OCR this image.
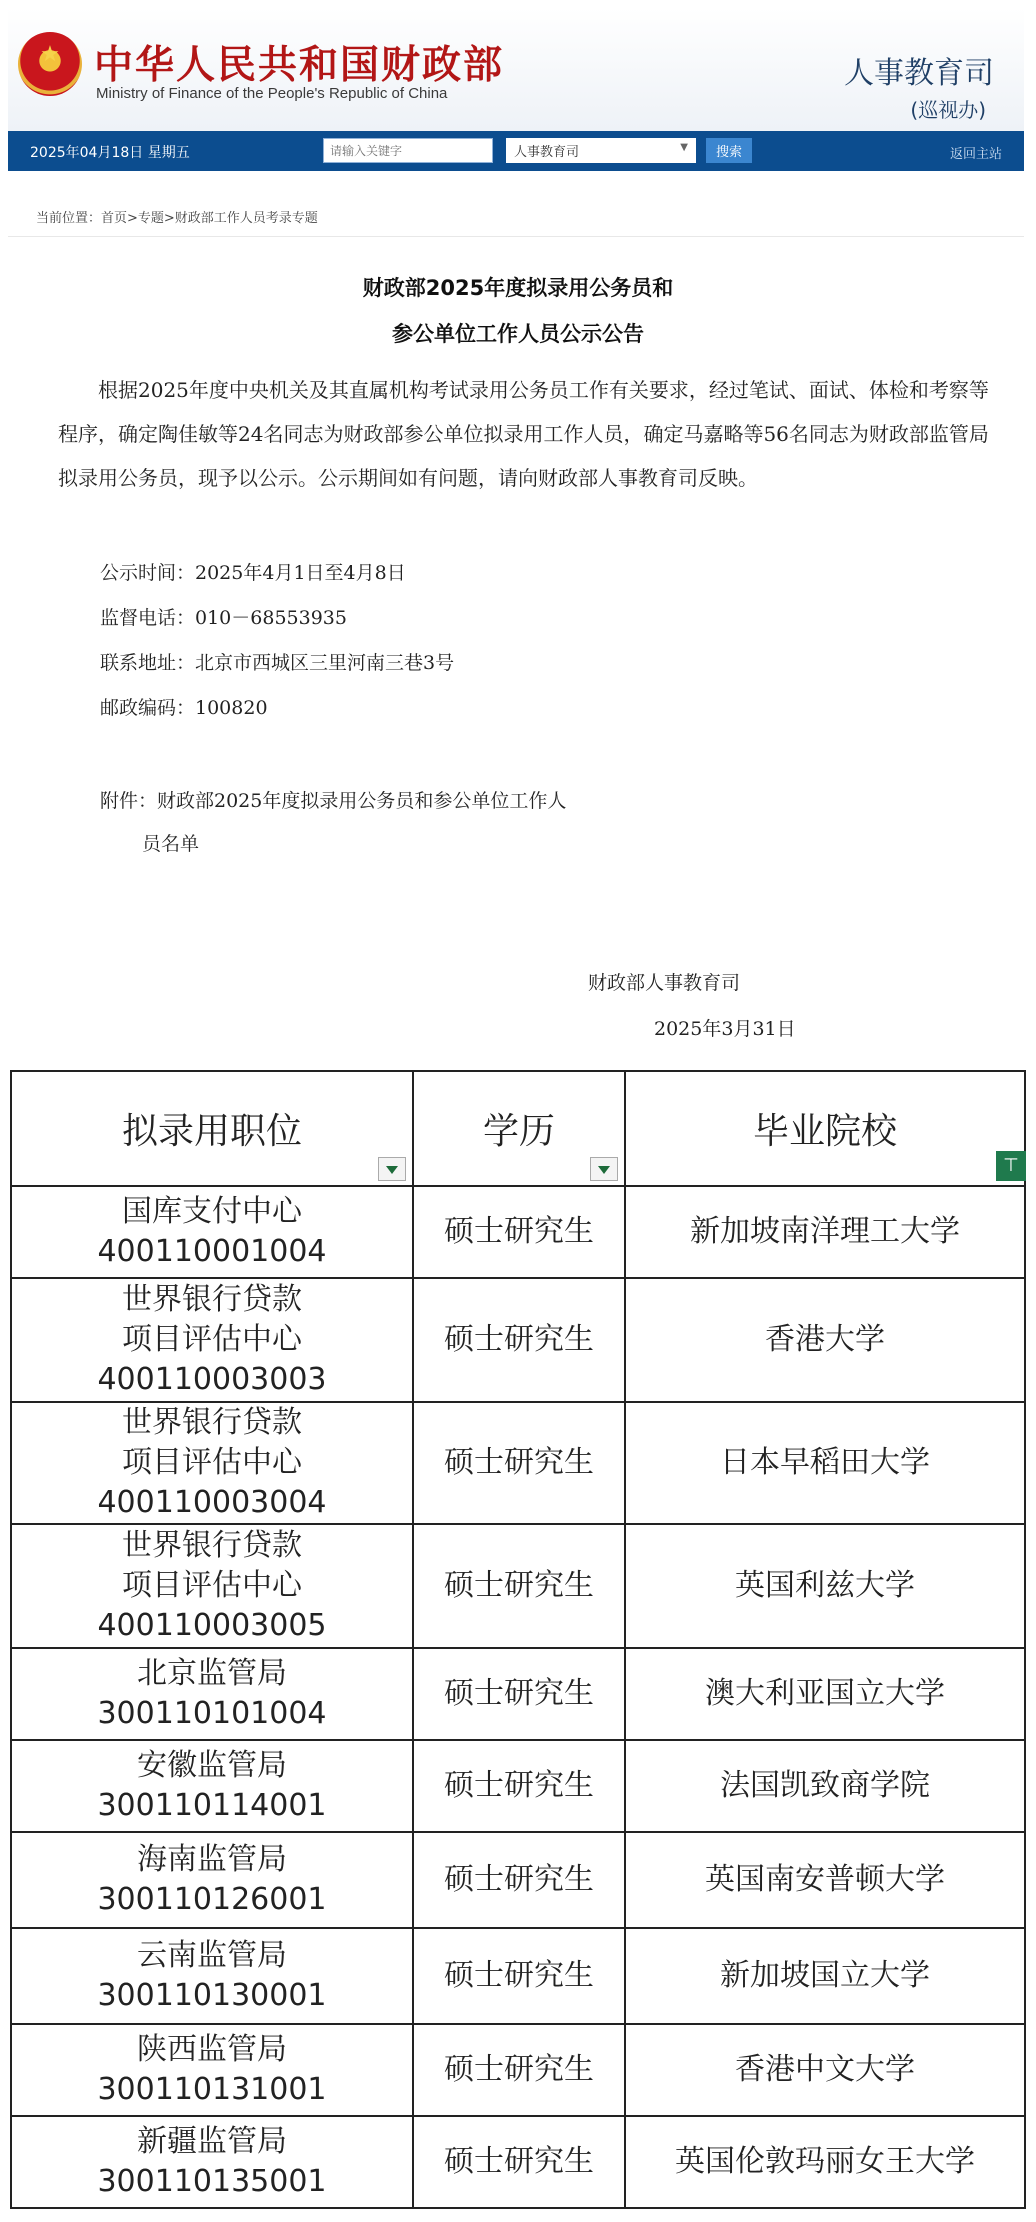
★ 中华人民共和国财政部
Ministry of Finance of the People's Republic of China
人事教育司
(巡视办)
2025年04月18日 星期五
请输入关键字	人事教育司	▼	搜索	返回主站
当前位置：首页>专题>财政部工作人员考录专题
财政部2025年度拟录用公务员和
参公单位工作人员公示公告
根据2025年度中央机关及其直属机构考试录用公务员工作有关要求，经过笔试、面试、体检和考察等程序，确定陶佳敏等24名同志为财政部参公单位拟录用工作人员，确定马嘉略等56名同志为财政部监管局拟录用公务员，现予以公示。公示期间如有问题，请向财政部人事教育司反映。
公示时间：2025年4月1日至4月8日
监督电话：010－68553935
联系地址：北京市西城区三里河南三巷3号
邮政编码：100820
附件：财政部2025年度拟录用公务员和参公单位工作人
员名单
财政部人事教育司
2025年3月31日
拟录用职位	学历	毕业院校
⊤

国库支付中心
400110001004	硕士研究生	新加坡南洋理工大学

世界银行贷款项目评估中心
400110003003	硕士研究生	香港大学

世界银行贷款项目评估中心
400110003004	硕士研究生	日本早稻田大学

世界银行贷款项目评估中心
400110003005	硕士研究生	英国利兹大学

北京监管局
300110101004	硕士研究生	澳大利亚国立大学

安徽监管局
300110114001	硕士研究生	法国凯致商学院

海南监管局
300110126001	硕士研究生	英国南安普顿大学

云南监管局
300110130001	硕士研究生	新加坡国立大学

陕西监管局
300110131001	硕士研究生	香港中文大学

新疆监管局
300110135001	硕士研究生	英国伦敦玛丽女王大学
